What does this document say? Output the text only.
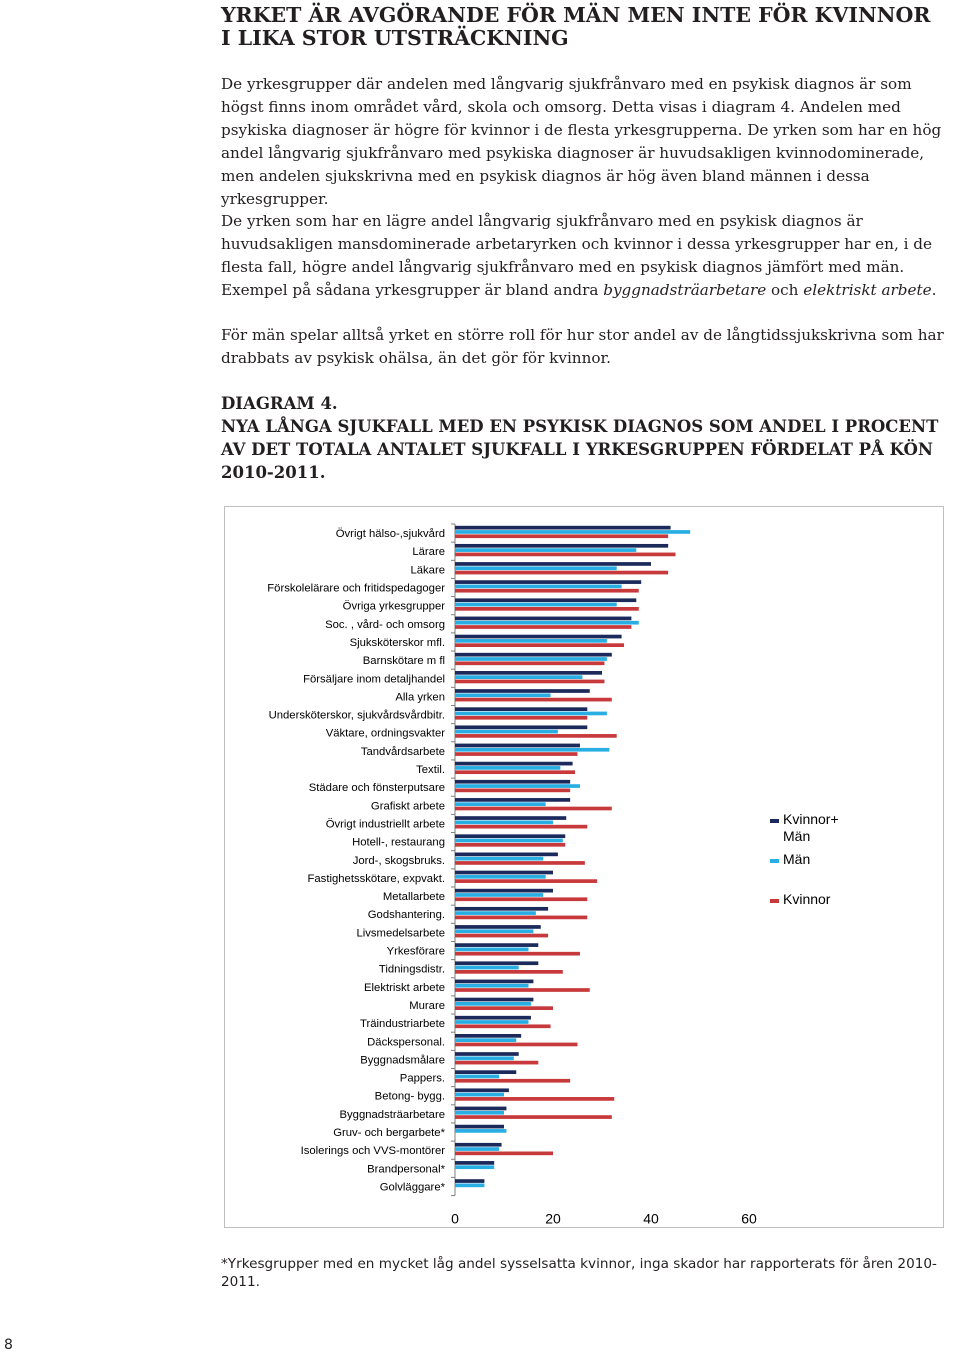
YRKET ÄR AVGÖRANDE FÖR MÄN MEN INTE FÖR KVINNOR I LIKA STOR UTSTRÄCKNING

De yrkesgrupper där andelen med långvarig sjukfrånvaro med en psykisk diagnos är som högst finns inom området vård, skola och omsorg. Detta visas i diagram 4. Andelen med psykiska diagnoser är högre för kvinnor i de flesta yrkesgrupperna. De yrken som har en hög andel långvarig sjukfrånvaro med psykiska diagnoser är huvudsakligen kvinnodominerade, men andelen sjukskrivna med en psykisk diagnos är hög även bland männen i dessa yrkesgrupper.

De yrken som har en lägre andel långvarig sjukfrånvaro med en psykisk diagnos är huvudsakligen mansdominerade arbetaryrken och kvinnor i dessa yrkesgrupper har en, i de flesta fall, högre andel långvarig sjukfrånvaro med en psykisk diagnos jämfört med män. Exempel på sådana yrkesgrupper är bland andra byggnadsträarbetare och elektriskt arbete.

För män spelar alltså yrket en större roll för hur stor andel av de långtidssjukskrivna som har drabbats av psykisk ohälsa, än det gör för kvinnor.

DIAGRAM 4.
NYA LÅNGA SJUKFALL MED EN PSYKISK DIAGNOS SOM ANDEL I PROCENT AV DET TOTALA ANTALET SJUKFALL I YRKESGRUPPEN FÖRDELAT PÅ KÖN 2010-2011.
Övrigt hälso-,sjukvård
Lärare
Läkare
Förskolelärare och fritidspedagoger
Övriga yrkesgrupper
Soc. , vård- och omsorg
Sjuksköterskor mfl.
Barnskötare m fl
Försäljare inom detaljhandel
Alla yrken
Undersköterskor, sjukvårdsvårdbitr.
Väktare, ordningsvakter
Tandvårdsarbete
Textil.
Städare och fönsterputsare
Grafiskt arbete
Övrigt industriellt arbete
Hotell-, restaurang
Jord-, skogsbruks.
Fastighetsskötare, expvakt.
Metallarbete
Godshantering.
Livsmedelsarbete
Yrkesförare
Tidningsdistr.
Elektriskt arbete
Murare
Träindustriarbete
Däckspersonal.
Byggnadsmålare
Pappers.
Betong- bygg.
Byggnadsträarbetare
Gruv- och bergarbete*
Isolerings och VVS-montörer
Brandpersonal*
Golvläggare*
0	20	40	60
Kvinnor+ Män
Män
Kvinnor

*Yrkesgrupper med en mycket låg andel sysselsatta kvinnor, inga skador har rapporterats för åren 2010-2011.

8
